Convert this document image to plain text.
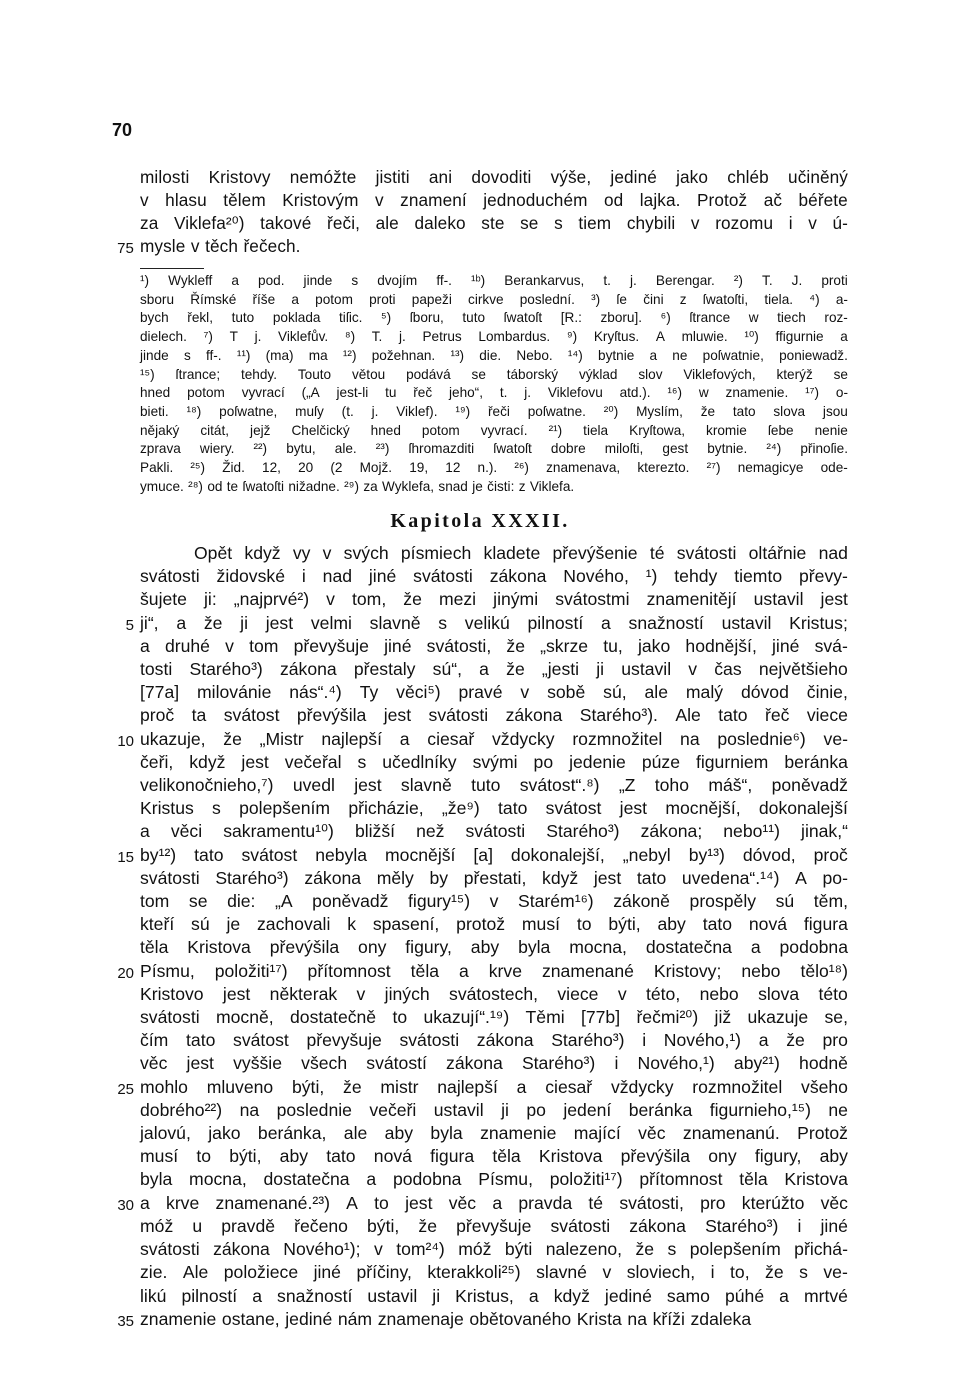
70
milosti Kristovy nemóžte jistiti ani dovoditi výše, jediné jako chléb učiněný
v hlasu tělem Kristovým v znamení jednoduchém od lajka. Protož ač béřete
za Viklefa²⁰) takové řeči, ale daleko ste se s tiem chybili v rozomu i v ú-
75 mysle v těch řečech.
¹) Wykleff a pod. jinde s dvojím ff-. ¹ᵇ) Berankarvus, t. j. Berengar. ²) T. J. proti
sboru Římské říše a potom proti papeži cirkve poslední. ³) ſe čini z ſwatoſti, tiela. ⁴) a-
bych řekl, tuto poklada tiſic. ⁵) ſboru, tuto ſwatoſt [R.: zboru]. ⁶) ſtrance w tiech roz-
dielech. ⁷) T j. Viklefův. ⁸) T. j. Petrus Lombardus. ⁹) Kryſtus. A mluwie. ¹⁰) ffigurnie a
jinde s ff-. ¹¹) (ma) ma ¹²) požehnan. ¹³) die. Nebo. ¹⁴) bytnie a ne poſwatnie, poniewadž.
¹⁵) ſtrance; tehdy. Touto větou podává se táborský výklad slov Viklefových, kterýž se
hned potom vyvrací („A jest-li tu řeč jeho“, t. j. Viklefovu atd.). ¹⁶) w znamenie. ¹⁷) o-
bieti. ¹⁸) poſwatne, muſy (t. j. Viklef). ¹⁹) řeči poſwatne. ²⁰) Myslím, že tato slova jsou
nějaký citát, jejž Chelčický hned potom vyvrací. ²¹) tiela Kryſtowa, kromie ſebe nenie
zprava wiery. ²²) bytu, ale. ²³) ſhromazditi ſwatoſt dobre miloſti, gest bytnie. ²⁴) přinoſie.
Pakli. ²⁵) Žid. 12, 20 (2 Mojž. 19, 12 n.). ²⁶) znamenava, kterezto. ²⁷) nemagicye ode-
ymuce. ²⁸) od te ſwatoſti nižadne. ²⁹) za Wyklefa, snad je čisti: z Viklefa.
Kapitola XXXII.
Opět když vy v svých písmiech kladete převýšenie té svátosti oltářnie nad
svátosti židovské i nad jiné svátosti zákona Nového, ¹) tehdy tiemto převy-
šujete ji: „najprvé²) v tom, že mezi jinými svátostmi znamenitějí ustavil jest
5 ji“, a že ji jest velmi slavně s velikú pilností a snažností ustavil Kristus;
a druhé v tom převyšuje jiné svátosti, že „skrze tu, jako hodnější, jiné svá-
tosti Starého³) zákona přestaly sú“, a že „jesti ji ustavil v čas největšieho
[77a] milovánie nás“.⁴) Ty věci⁵) pravé v sobě sú, ale malý dóvod činie,
proč ta svátost převýšila jest svátosti zákona Starého³). Ale tato řeč viece
10 ukazuje, že „Mistr najlepší a ciesař vždycky rozmnožitel na poslednie⁶) ve-
čeři, když jest večeřal s učedlníky svými po jedenie púze figurniem beránka
velikonočnieho,⁷) uvedl jest slavně tuto svátost“.⁸) „Z toho máš“, poněvadž
Kristus s polepšením přicházie, „že⁹) tato svátost jest mocnější, dokonalejší
a věci sakramentu¹⁰) bližší než svátosti Starého³) zákona; nebo¹¹) jinak,“
15 by¹²) tato svátost nebyla mocnější [a] dokonalejší, „nebyl by¹³) dóvod, proč
svátosti Starého³) zákona měly by přestati, když jest tato uvedena“.¹⁴) A po-
tom se die: „A poněvadž figury¹⁵) v Starém¹⁶) zákoně prospěly sú těm,
kteří sú je zachovali k spasení, protož musí to býti, aby tato nová figura
těla Kristova převýšila ony figury, aby byla mocna, dostatečna a podobna
20 Písmu, položiti¹⁷) přítomnost těla a krve znamenané Kristovy; nebo tělo¹⁸)
Kristovo jest některak v jiných svátostech, viece v této, nebo slova této
svátosti mocně, dostatečně to ukazují“.¹⁹) Těmi [77b] řečmi²⁰) již ukazuje se,
čím tato svátost převyšuje svátosti zákona Starého³) i Nového,¹) a že pro
věc jest vyššie všech svátostí zákona Starého³) i Nového,¹) aby²¹) hodně
25 mohlo mluveno býti, že mistr najlepší a ciesař vždycky rozmnožitel všeho
dobrého²²) na poslednie večeři ustavil ji po jedení beránka figurnieho,¹⁵) ne
jalovú, jako beránka, ale aby byla znamenie mající věc znamenanú. Protož
musí to býti, aby tato nová figura těla Kristova převýšila ony figury, aby
byla mocna, dostatečna a podobna Písmu, položiti¹⁷) přítomnost těla Kristova
30 a krve znamenané.²³) A to jest věc a pravda té svátosti, pro kterúžto věc
móž u pravdě řečeno býti, že převyšuje svátosti zákona Starého³) i jiné
svátosti zákona Nového¹); v tom²⁴) móž býti nalezeno, že s polepšením přichá-
zie. Ale položiece jiné příčiny, kterakkoli²⁵) slavné v sloviech, i to, že s ve-
likú pilností a snažností ustavil ji Kristus, a když jediné samo púhé a mrtvé
35 znamenie ostane, jediné nám znamenaje obětovaného Krista na kříži zdaleka
